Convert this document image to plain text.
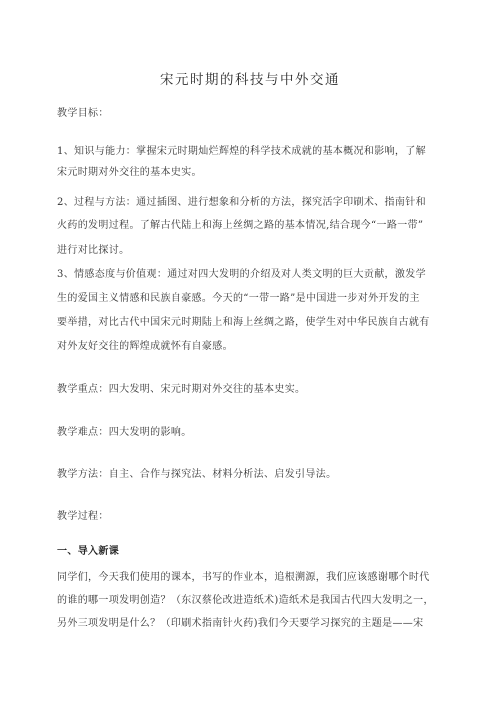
宋元时期的科技与中外交通
教学目标：
1、知识与能力：掌握宋元时期灿烂辉煌的科学技术成就的基本概况和影响，了解
宋元时期对外交往的基本史实。
2、过程与方法：通过插图、进行想象和分析的方法，探究活字印刷术、指南针和
火药的发明过程。了解古代陆上和海上丝绸之路的基本情况,结合现今“一路一带”
进行对比探讨。
3、情感态度与价值观：通过对四大发明的介绍及对人类文明的巨大贡献，激发学
生的爱国主义情感和民族自豪感。今天的“一带一路”是中国进一步对外开发的主
要举措，对比古代中国宋元时期陆上和海上丝绸之路，使学生对中华民族自古就有
对外友好交往的辉煌成就怀有自豪感。
教学重点：四大发明、宋元时期对外交往的基本史实。
教学难点：四大发明的影响。
教学方法：自主、合作与探究法、材料分析法、启发引导法。
教学过程：
一、导入新课
同学们，今天我们使用的课本，书写的作业本，追根溯源，我们应该感谢哪个时代
的谁的哪一项发明创造？（东汉蔡伦改进造纸术)造纸术是我国古代四大发明之一，
另外三项发明是什么？（印刷术指南针火药)我们今天要学习探究的主题是——宋
